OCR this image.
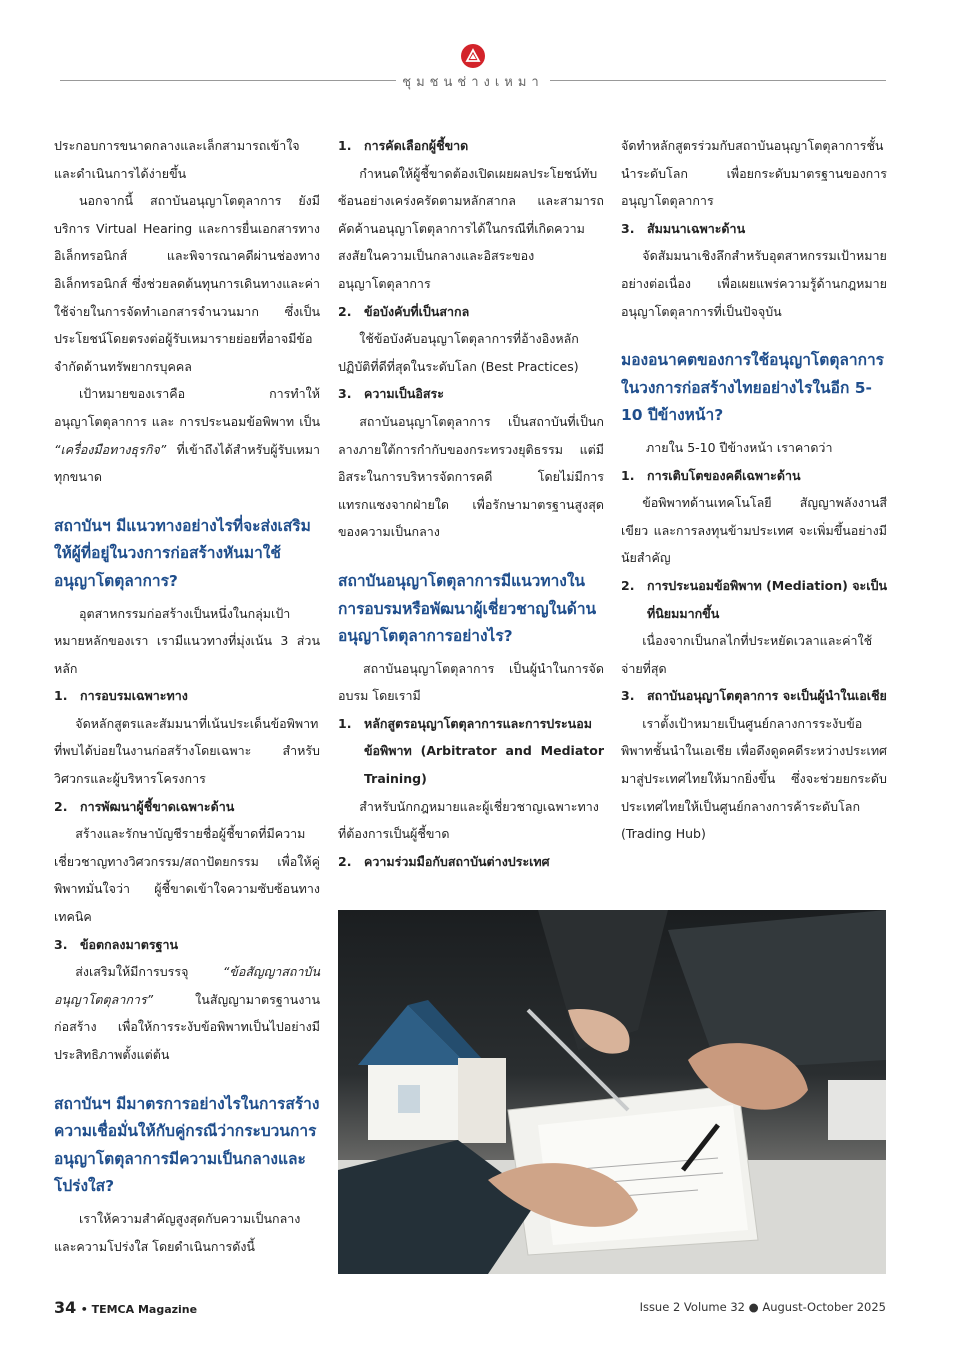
ชุมชนช่างเหมา

ประกอบการขนาดกลางและเล็กสามารถเข้าใจและดำเนินการได้ง่ายขึ้น

นอกจากนี้ สถาบันอนุญาโตตุลาการ ยังมีบริการ Virtual Hearing และการยื่นเอกสารทางอิเล็กทรอนิกส์ และพิจารณาคดีผ่านช่องทางอิเล็กทรอนิกส์ ซึ่งช่วยลดต้นทุนการเดินทางและค่าใช้จ่ายในการจัดทำเอกสารจำนวนมาก ซึ่งเป็นประโยชน์โดยตรงต่อผู้รับเหมารายย่อยที่อาจมีข้อจำกัดด้านทรัพยากรบุคคล

เป้าหมายของเราคือ การทำให้อนุญาโตตุลาการ และ การประนอมข้อพิพาท เป็น “เครื่องมือทางธุรกิจ” ที่เข้าถึงได้สำหรับผู้รับเหมาทุกขนาด

สถาบันฯ มีแนวทางอย่างไรที่จะส่งเสริมให้ผู้ที่อยู่ในวงการก่อสร้างหันมาใช้อนุญาโตตุลาการ?

อุตสาหกรรมก่อสร้างเป็นหนึ่งในกลุ่มเป้าหมายหลักของเรา เรามีแนวทางที่มุ่งเน้น 3 ส่วนหลัก

1. การอบรมเฉพาะทาง

จัดหลักสูตรและสัมมนาที่เน้นประเด็นข้อพิพาทที่พบได้บ่อยในงานก่อสร้างโดยเฉพาะ สำหรับวิศวกรและผู้บริหารโครงการ

2. การพัฒนาผู้ชี้ขาดเฉพาะด้าน

สร้างและรักษาบัญชีรายชื่อผู้ชี้ขาดที่มีความเชี่ยวชาญทางวิศวกรรม/สถาปัตยกรรม เพื่อให้คู่พิพาทมั่นใจว่า ผู้ชี้ขาดเข้าใจความซับซ้อนทางเทคนิค

3. ข้อตกลงมาตรฐาน

ส่งเสริมให้มีการบรรจุ “ข้อสัญญาสถาบันอนุญาโตตุลาการ” ในสัญญามาตรฐานงานก่อสร้าง เพื่อให้การระงับข้อพิพาทเป็นไปอย่างมีประสิทธิภาพตั้งแต่ต้น

สถาบันฯ มีมาตรการอย่างไรในการสร้างความเชื่อมั่นให้กับคู่กรณีว่ากระบวนการอนุญาโตตุลาการมีความเป็นกลางและโปร่งใส?

เราให้ความสำคัญสูงสุดกับความเป็นกลางและความโปร่งใส โดยดำเนินการดังนี้

1. การคัดเลือกผู้ชี้ขาด

กำหนดให้ผู้ชี้ขาดต้องเปิดเผยผลประโยชน์ทับซ้อนอย่างเคร่งครัดตามหลักสากล และสามารถคัดค้านอนุญาโตตุลาการได้ในกรณีที่เกิดความสงสัยในความเป็นกลางและอิสระของอนุญาโตตุลาการ

2. ข้อบังคับที่เป็นสากล

ใช้ข้อบังคับอนุญาโตตุลาการที่อ้างอิงหลักปฏิบัติที่ดีที่สุดในระดับโลก (Best Practices)

3. ความเป็นอิสระ

สถาบันอนุญาโตตุลาการ เป็นสถาบันที่เป็นกลางภายใต้การกำกับของกระทรวงยุติธรรม แต่มีอิสระในการบริหารจัดการคดี โดยไม่มีการแทรกแซงจากฝ่ายใด เพื่อรักษามาตรฐานสูงสุดของความเป็นกลาง

สถาบันอนุญาโตตุลาการมีแนวทางในการอบรมหรือพัฒนาผู้เชี่ยวชาญในด้านอนุญาโตตุลาการอย่างไร?

สถาบันอนุญาโตตุลาการ เป็นผู้นำในการจัดอบรม โดยเรามี

1. หลักสูตรอนุญาโตตุลาการและการประนอมข้อพิพาท (Arbitrator and Mediator Training)

สำหรับนักกฎหมายและผู้เชี่ยวชาญเฉพาะทางที่ต้องการเป็นผู้ชี้ขาด

2. ความร่วมมือกับสถาบันต่างประเทศ

จัดทำหลักสูตรร่วมกับสถาบันอนุญาโตตุลาการชั้นนำระดับโลก เพื่อยกระดับมาตรฐานของการอนุญาโตตุลาการ

3. สัมมนาเฉพาะด้าน

จัดสัมมนาเชิงลึกสำหรับอุตสาหกรรมเป้าหมายอย่างต่อเนื่อง เพื่อเผยแพร่ความรู้ด้านกฎหมายอนุญาโตตุลาการที่เป็นปัจจุบัน

มองอนาคตของการใช้อนุญาโตตุลาการในวงการก่อสร้างไทยอย่างไรในอีก 5-10 ปีข้างหน้า?

ภายใน 5-10 ปีข้างหน้า เราคาดว่า

1. การเติบโตของคดีเฉพาะด้าน

ข้อพิพาทด้านเทคโนโลยี สัญญาพลังงานสีเขียว และการลงทุนข้ามประเทศ จะเพิ่มขึ้นอย่างมีนัยสำคัญ

2. การประนอมข้อพิพาท (Mediation) จะเป็นที่นิยมมากขึ้น

เนื่องจากเป็นกลไกที่ประหยัดเวลาและค่าใช้จ่ายที่สุด

3. สถาบันอนุญาโตตุลาการ จะเป็นผู้นำในเอเชีย

เราตั้งเป้าหมายเป็นศูนย์กลางการระงับข้อพิพาทชั้นนำในเอเชีย เพื่อดึงดูดคดีระหว่างประเทศมาสู่ประเทศไทยให้มากยิ่งขึ้น ซึ่งจะช่วยยกระดับประเทศไทยให้เป็นศูนย์กลางการค้าระดับโลก (Trading Hub)

34 • TEMCA Magazine	Issue 2 Volume 32 ● August-October 2025
